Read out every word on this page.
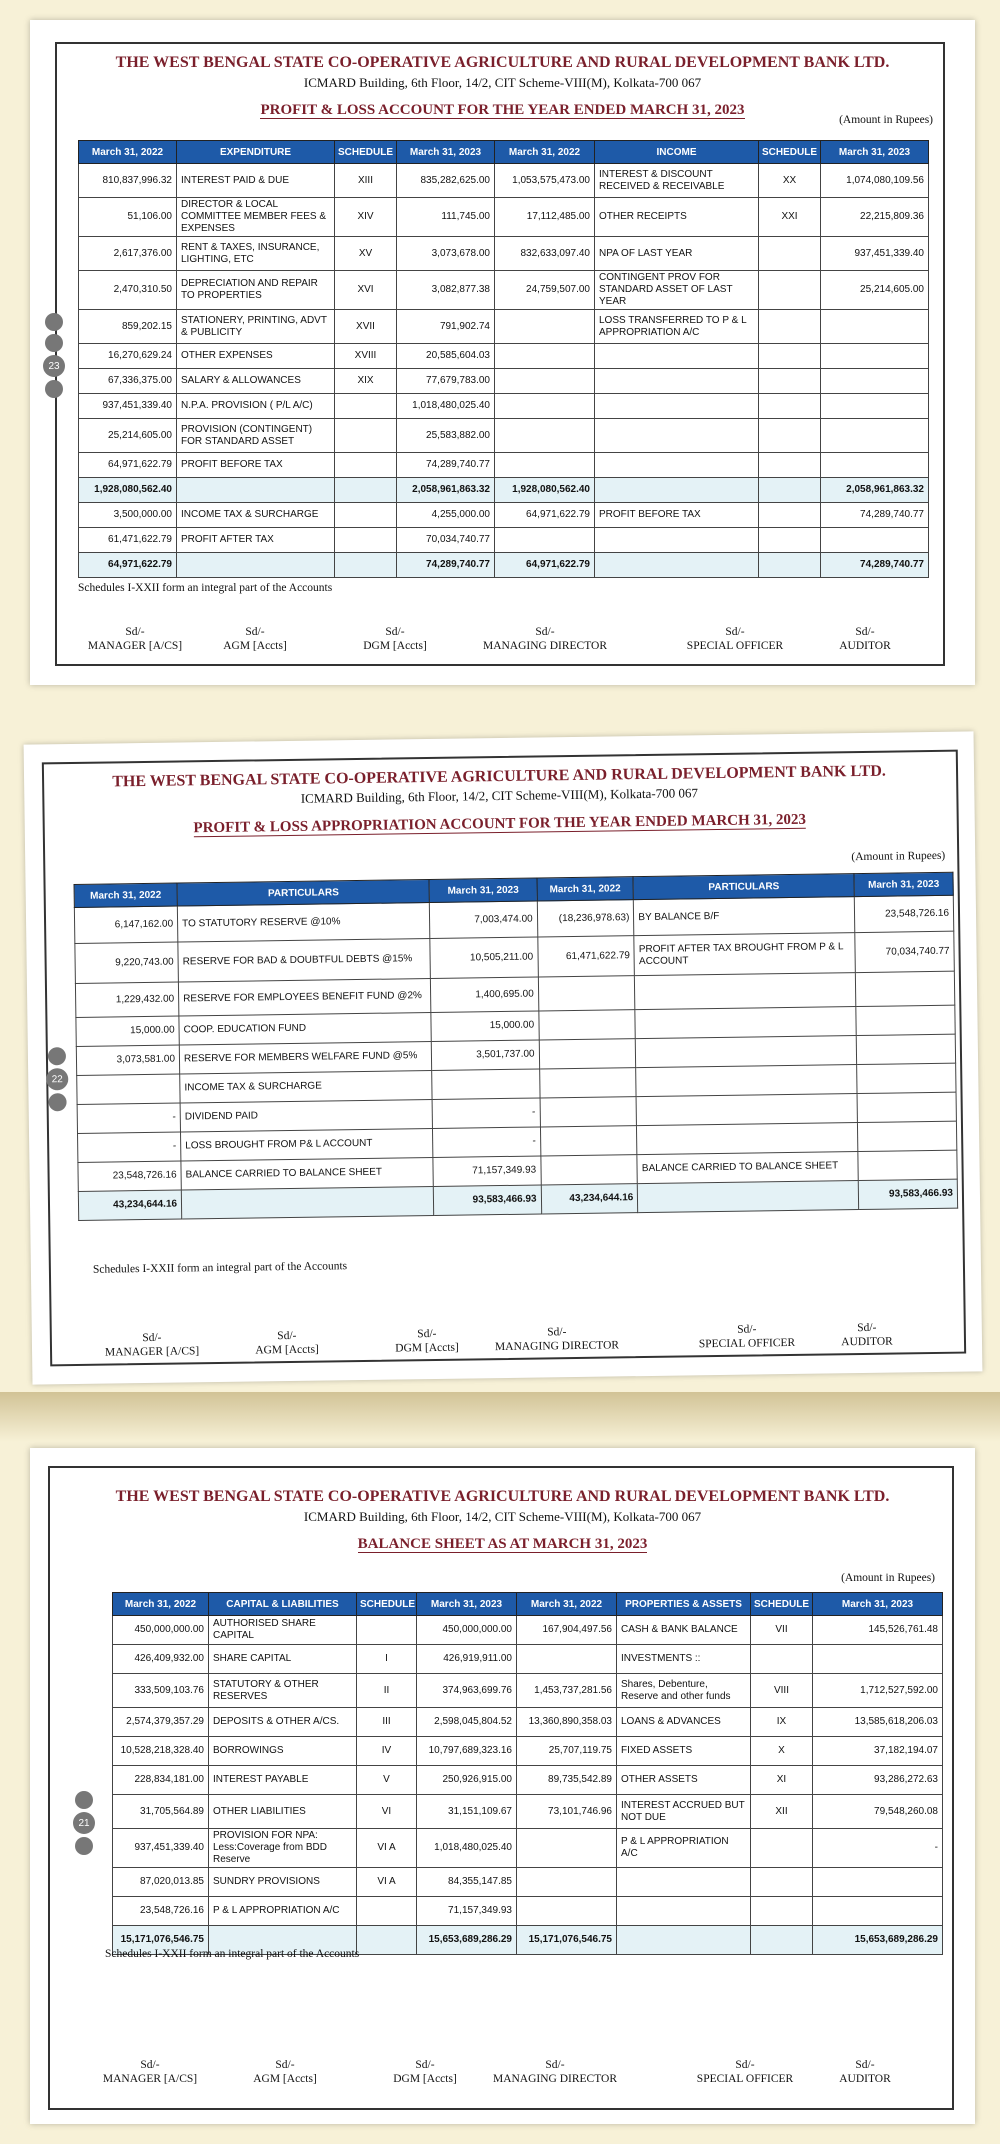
23
THE WEST BENGAL STATE CO-OPERATIVE AGRICULTURE AND RURAL DEVELOPMENT BANK LTD.
ICMARD Building, 6th Floor, 14/2, CIT Scheme-VIII(M), Kolkata-700 067
PROFIT & LOSS ACCOUNT FOR THE YEAR ENDED MARCH 31, 2023
(Amount in Rupees)
March 31, 2022	EXPENDITURE	SCHEDULE	March 31, 2023	March 31, 2022	INCOME	SCHEDULE	March 31, 2023
810,837,996.32	INTEREST PAID & DUE	XIII	835,282,625.00	1,053,575,473.00	INTEREST & DISCOUNT RECEIVED & RECEIVABLE	XX	1,074,080,109.56
51,106.00	DIRECTOR & LOCAL COMMITTEE MEMBER FEES & EXPENSES	XIV	111,745.00	17,112,485.00	OTHER RECEIPTS	XXI	22,215,809.36
2,617,376.00	RENT & TAXES, INSURANCE, LIGHTING, ETC	XV	3,073,678.00	832,633,097.40	NPA OF LAST YEAR		937,451,339.40
2,470,310.50	DEPRECIATION AND REPAIR TO PROPERTIES	XVI	3,082,877.38	24,759,507.00	CONTINGENT PROV FOR STANDARD ASSET OF LAST YEAR		25,214,605.00
859,202.15	STATIONERY, PRINTING, ADVT & PUBLICITY	XVII	791,902.74		LOSS TRANSFERRED TO P & L APPROPRIATION A/C		
16,270,629.24	OTHER EXPENSES	XVIII	20,585,604.03				
67,336,375.00	SALARY & ALLOWANCES	XIX	77,679,783.00				
937,451,339.40	N.P.A. PROVISION ( P/L A/C)		1,018,480,025.40				
25,214,605.00	PROVISION (CONTINGENT) FOR STANDARD ASSET		25,583,882.00				
64,971,622.79	PROFIT BEFORE TAX		74,289,740.77				
1,928,080,562.40			2,058,961,863.32	1,928,080,562.40			2,058,961,863.32
3,500,000.00	INCOME TAX & SURCHARGE		4,255,000.00	64,971,622.79	PROFIT BEFORE TAX		74,289,740.77
61,471,622.79	PROFIT AFTER TAX		70,034,740.77				
64,971,622.79			74,289,740.77	64,971,622.79			74,289,740.77
Schedules I-XXII form an integral part of the Accounts
Sd/-
MANAGER [A/CS]
Sd/-
AGM [Accts]
Sd/-
DGM [Accts]
Sd/-
MANAGING DIRECTOR
Sd/-
SPECIAL OFFICER
Sd/-
AUDITOR
22
THE WEST BENGAL STATE CO-OPERATIVE AGRICULTURE AND RURAL DEVELOPMENT BANK LTD.
ICMARD Building, 6th Floor, 14/2, CIT Scheme-VIII(M), Kolkata-700 067
PROFIT & LOSS APPROPRIATION ACCOUNT FOR THE YEAR ENDED MARCH 31, 2023
(Amount in Rupees)
March 31, 2022	PARTICULARS	March 31, 2023	March 31, 2022	PARTICULARS	March 31, 2023
6,147,162.00	TO STATUTORY RESERVE @10%	7,003,474.00	(18,236,978.63)	BY BALANCE B/F	23,548,726.16
9,220,743.00	RESERVE FOR BAD & DOUBTFUL DEBTS @15%	10,505,211.00	61,471,622.79	PROFIT AFTER TAX BROUGHT FROM P & L ACCOUNT	70,034,740.77
1,229,432.00	RESERVE FOR EMPLOYEES BENEFIT FUND @2%	1,400,695.00			
15,000.00	COOP. EDUCATION FUND	15,000.00			
3,073,581.00	RESERVE FOR MEMBERS WELFARE FUND @5%	3,501,737.00			
	INCOME TAX & SURCHARGE				
-	DIVIDEND PAID	-			
-	LOSS BROUGHT FROM P& L ACCOUNT	-			
23,548,726.16	BALANCE CARRIED TO BALANCE SHEET	71,157,349.93		BALANCE CARRIED TO BALANCE SHEET	
43,234,644.16		93,583,466.93	43,234,644.16		93,583,466.93
Schedules I-XXII form an integral part of the Accounts
Sd/-
MANAGER [A/CS]
Sd/-
AGM [Accts]
Sd/-
DGM [Accts]
Sd/-
MANAGING DIRECTOR
Sd/-
SPECIAL OFFICER
Sd/-
AUDITOR
21
THE WEST BENGAL STATE CO-OPERATIVE AGRICULTURE AND RURAL DEVELOPMENT BANK LTD.
ICMARD Building, 6th Floor, 14/2, CIT Scheme-VIII(M), Kolkata-700 067
BALANCE SHEET AS AT MARCH 31, 2023
(Amount in Rupees)
March 31, 2022	CAPITAL & LIABILITIES	SCHEDULE	March 31, 2023	March 31, 2022	PROPERTIES & ASSETS	SCHEDULE	March 31, 2023
450,000,000.00	AUTHORISED SHARE CAPITAL		450,000,000.00	167,904,497.56	CASH & BANK BALANCE	VII	145,526,761.48
426,409,932.00	SHARE CAPITAL	I	426,919,911.00		INVESTMENTS ::		
333,509,103.76	STATUTORY & OTHER RESERVES	II	374,963,699.76	1,453,737,281.56	Shares, Debenture, Reserve and other funds	VIII	1,712,527,592.00
2,574,379,357.29	DEPOSITS & OTHER A/CS.	III	2,598,045,804.52	13,360,890,358.03	LOANS & ADVANCES	IX	13,585,618,206.03
10,528,218,328.40	BORROWINGS	IV	10,797,689,323.16	25,707,119.75	FIXED ASSETS	X	37,182,194.07
228,834,181.00	INTEREST PAYABLE	V	250,926,915.00	89,735,542.89	OTHER ASSETS	XI	93,286,272.63
31,705,564.89	OTHER LIABILITIES	VI	31,151,109.67	73,101,746.96	INTEREST ACCRUED BUT NOT DUE	XII	79,548,260.08
937,451,339.40	PROVISION FOR NPA: Less:Coverage from BDD Reserve	VI A	1,018,480,025.40		P & L APPROPRIATION A/C		-
87,020,013.85	SUNDRY PROVISIONS	VI A	84,355,147.85				
23,548,726.16	P & L APPROPRIATION A/C		71,157,349.93				
15,171,076,546.75			15,653,689,286.29	15,171,076,546.75			15,653,689,286.29
Schedules I-XXII form an integral part of the Accounts
Sd/-
MANAGER [A/CS]
Sd/-
AGM [Accts]
Sd/-
DGM [Accts]
Sd/-
MANAGING DIRECTOR
Sd/-
SPECIAL OFFICER
Sd/-
AUDITOR
